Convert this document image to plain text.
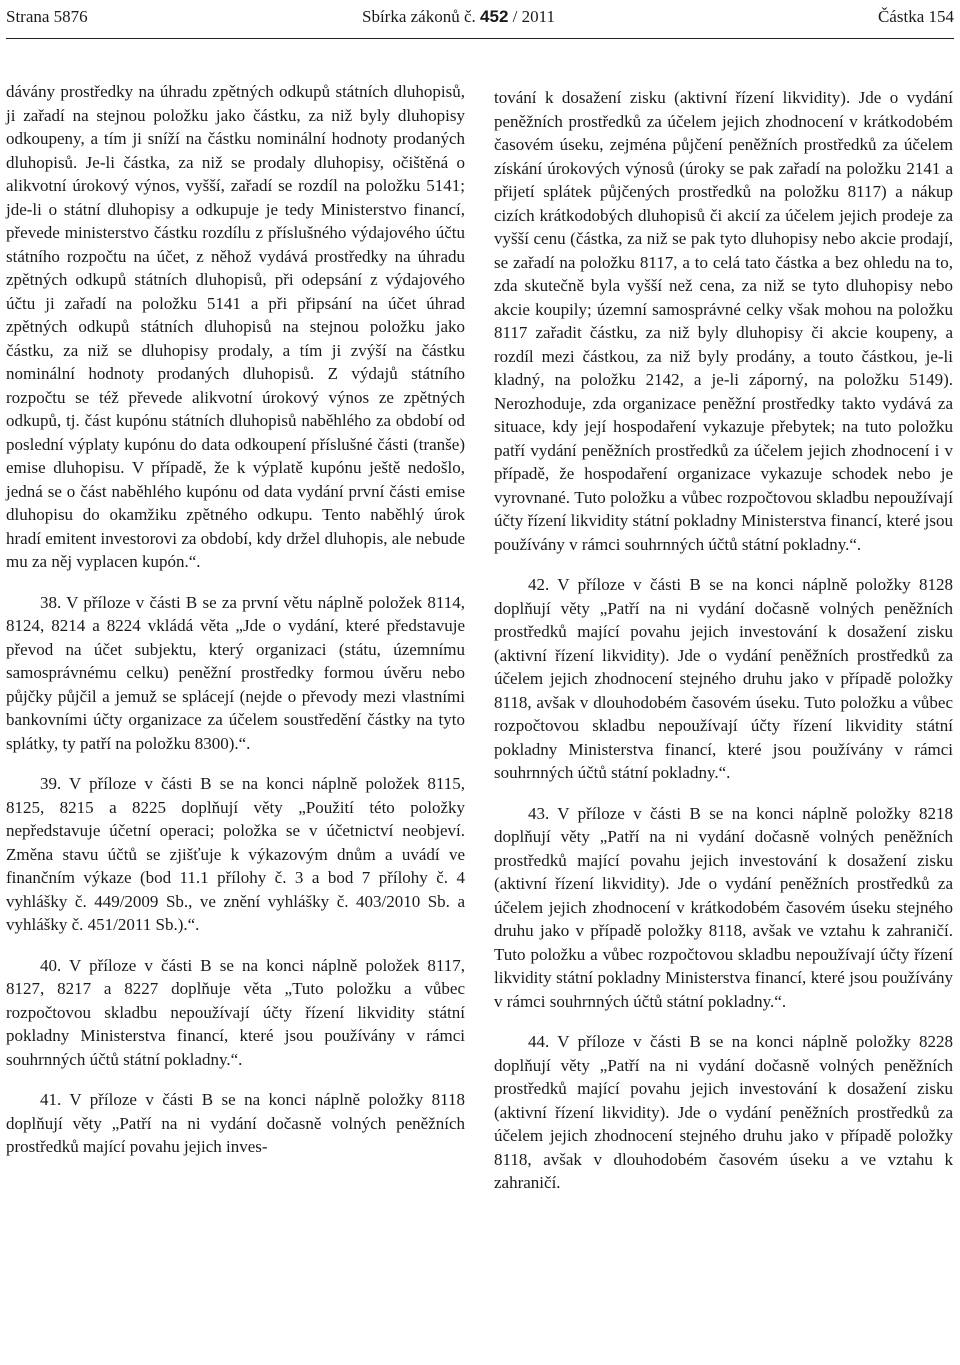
Strana 5876	Sbírka zákonů č. 452 / 2011	Částka 154

dávány prostředky na úhradu zpětných odkupů státních dluhopisů, ji zařadí na stejnou položku jako částku, za niž byly dluhopisy odkoupeny, a tím ji sníží na částku nominální hodnoty prodaných dluhopisů. Je-li částka, za niž se prodaly dluhopisy, očištěná o alikvotní úrokový výnos, vyšší, zařadí se rozdíl na položku 5141; jde-li o státní dluhopisy a odkupuje je tedy Ministerstvo financí, převede ministerstvo částku rozdílu z příslušného výdajového účtu státního rozpočtu na účet, z něhož vydává prostředky na úhradu zpětných odkupů státních dluhopisů, při odepsání z výdajového účtu ji zařadí na položku 5141 a při připsání na účet úhrad zpětných odkupů státních dluhopisů na stejnou položku jako částku, za niž se dluhopisy prodaly, a tím ji zvýší na částku nominální hodnoty prodaných dluhopisů. Z výdajů státního rozpočtu se též převede alikvotní úrokový výnos ze zpětných odkupů, tj. část kupónu státních dluhopisů naběhlého za období od poslední výplaty kupónu do data odkoupení příslušné části (tranše) emise dluhopisu. V případě, že k výplatě kupónu ještě nedošlo, jedná se o část naběhlého kupónu od data vydání první části emise dluhopisu do okamžiku zpětného odkupu. Tento naběhlý úrok hradí emitent investorovi za období, kdy držel dluhopis, ale nebude mu za něj vyplacen kupón.“.

38. V příloze v části B se za první větu náplně položek 8114, 8124, 8214 a 8224 vkládá věta „Jde o vydání, které představuje převod na účet subjektu, který organizaci (státu, územnímu samosprávnému celku) peněžní prostředky formou úvěru nebo půjčky půjčil a jemuž se splácejí (nejde o převody mezi vlastními bankovními účty organizace za účelem soustředění částky na tyto splátky, ty patří na položku 8300).“.

39. V příloze v části B se na konci náplně položek 8115, 8125, 8215 a 8225 doplňují věty „Použití této položky nepředstavuje účetní operaci; položka se v účetnictví neobjeví. Změna stavu účtů se zjišťuje k výkazovým dnům a uvádí ve finančním výkaze (bod 11.1 přílohy č. 3 a bod 7 přílohy č. 4 vyhlášky č. 449/2009 Sb., ve znění vyhlášky č. 403/2010 Sb. a vyhlášky č. 451/2011 Sb.).“.

40. V příloze v části B se na konci náplně položek 8117, 8127, 8217 a 8227 doplňuje věta „Tuto položku a vůbec rozpočtovou skladbu nepoužívají účty řízení likvidity státní pokladny Ministerstva financí, které jsou používány v rámci souhrnných účtů státní pokladny.“.

41. V příloze v části B se na konci náplně položky 8118 doplňují věty „Patří na ni vydání dočasně volných peněžních prostředků mající povahu jejich inves-

tování k dosažení zisku (aktivní řízení likvidity). Jde o vydání peněžních prostředků za účelem jejich zhodnocení v krátkodobém časovém úseku, zejména půjčení peněžních prostředků za účelem získání úrokových výnosů (úroky se pak zařadí na položku 2141 a přijetí splátek půjčených prostředků na položku 8117) a nákup cizích krátkodobých dluhopisů či akcií za účelem jejich prodeje za vyšší cenu (částka, za niž se pak tyto dluhopisy nebo akcie prodají, se zařadí na položku 8117, a to celá tato částka a bez ohledu na to, zda skutečně byla vyšší než cena, za niž se tyto dluhopisy nebo akcie koupily; územní samosprávné celky však mohou na položku 8117 zařadit částku, za niž byly dluhopisy či akcie koupeny, a rozdíl mezi částkou, za niž byly prodány, a touto částkou, je-li kladný, na položku 2142, a je-li záporný, na položku 5149). Nerozhoduje, zda organizace peněžní prostředky takto vydává za situace, kdy její hospodaření vykazuje přebytek; na tuto položku patří vydání peněžních prostředků za účelem jejich zhodnocení i v případě, že hospodaření organizace vykazuje schodek nebo je vyrovnané. Tuto položku a vůbec rozpočtovou skladbu nepoužívají účty řízení likvidity státní pokladny Ministerstva financí, které jsou používány v rámci souhrnných účtů státní pokladny.“.

42. V příloze v části B se na konci náplně položky 8128 doplňují věty „Patří na ni vydání dočasně volných peněžních prostředků mající povahu jejich investování k dosažení zisku (aktivní řízení likvidity). Jde o vydání peněžních prostředků za účelem jejich zhodnocení stejného druhu jako v případě položky 8118, avšak v dlouhodobém časovém úseku. Tuto položku a vůbec rozpočtovou skladbu nepoužívají účty řízení likvidity státní pokladny Ministerstva financí, které jsou používány v rámci souhrnných účtů státní pokladny.“.

43. V příloze v části B se na konci náplně položky 8218 doplňují věty „Patří na ni vydání dočasně volných peněžních prostředků mající povahu jejich investování k dosažení zisku (aktivní řízení likvidity). Jde o vydání peněžních prostředků za účelem jejich zhodnocení v krátkodobém časovém úseku stejného druhu jako v případě položky 8118, avšak ve vztahu k zahraničí. Tuto položku a vůbec rozpočtovou skladbu nepoužívají účty řízení likvidity státní pokladny Ministerstva financí, které jsou používány v rámci souhrnných účtů státní pokladny.“.

44. V příloze v části B se na konci náplně položky 8228 doplňují věty „Patří na ni vydání dočasně volných peněžních prostředků mající povahu jejich investování k dosažení zisku (aktivní řízení likvidity). Jde o vydání peněžních prostředků za účelem jejich zhodnocení stejného druhu jako v případě položky 8118, avšak v dlouhodobém časovém úseku a ve vztahu k zahraničí.
